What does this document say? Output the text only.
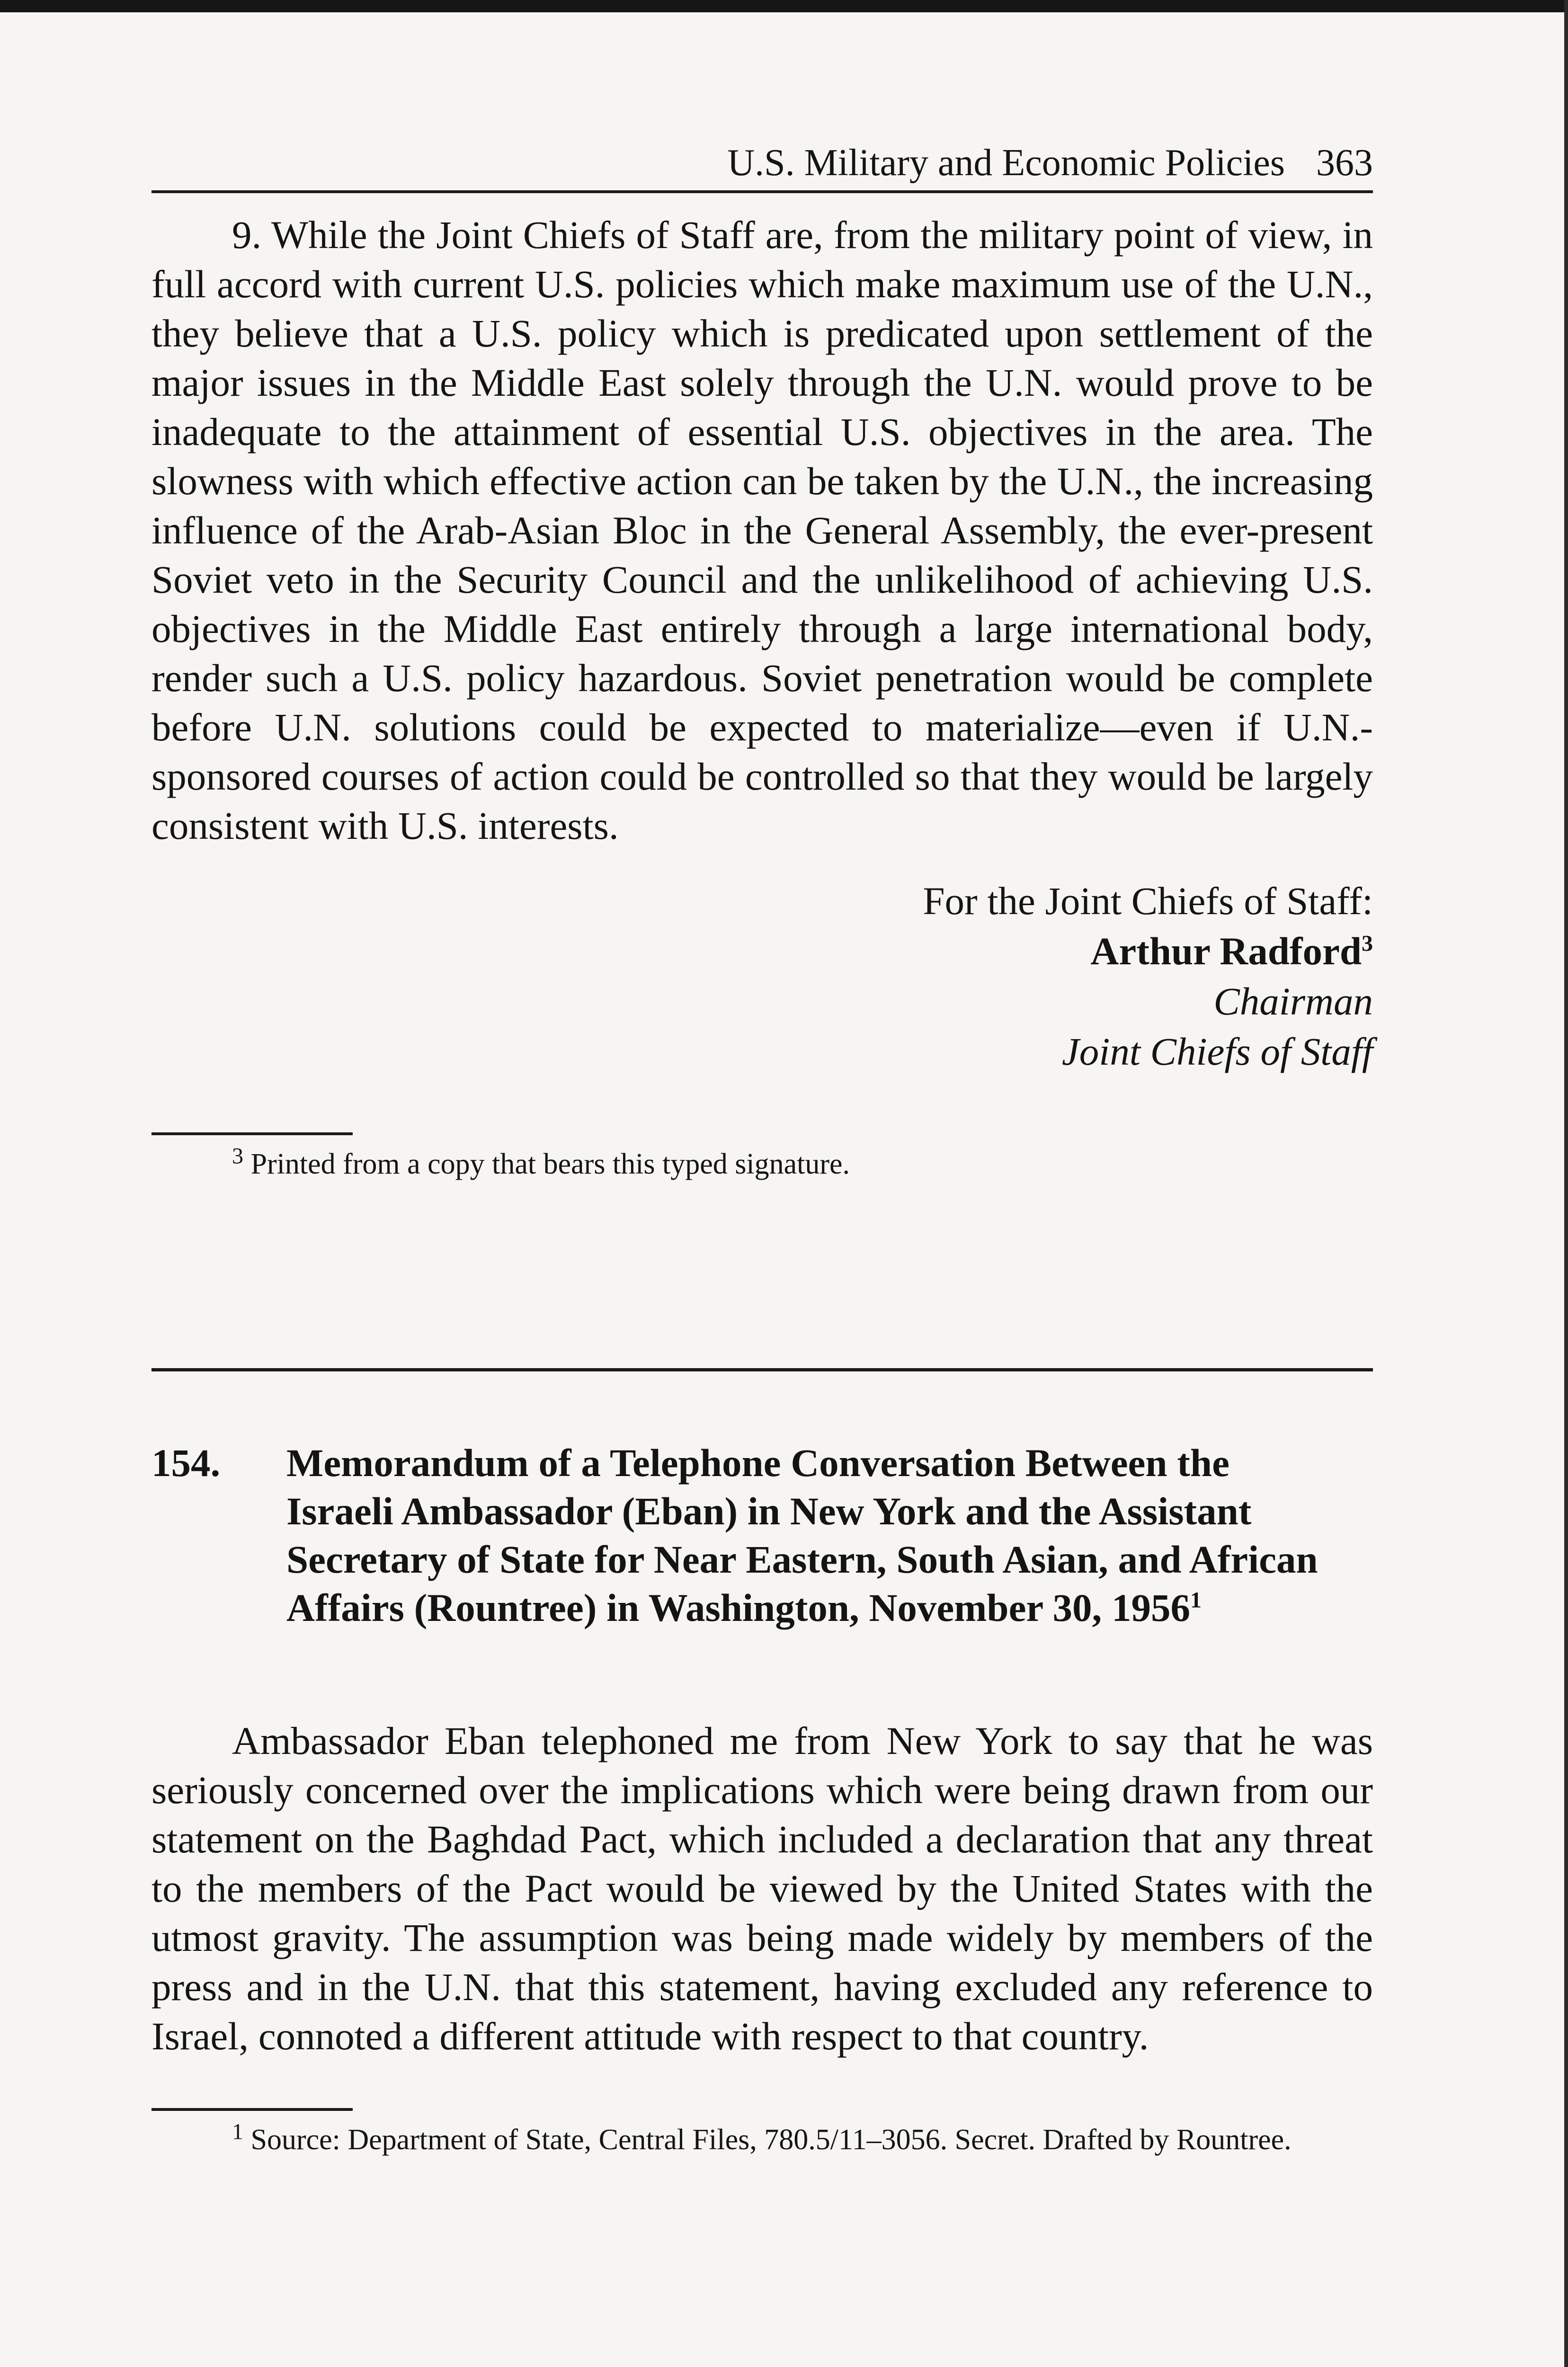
U.S. Military and Economic Policies 363

9. While the Joint Chiefs of Staff are, from the military point of view, in full accord with current U.S. policies which make maximum use of the U.N., they believe that a U.S. policy which is predicated upon settlement of the major issues in the Middle East solely through the U.N. would prove to be inadequate to the attainment of essential U.S. objectives in the area. The slowness with which effective action can be taken by the U.N., the increasing influence of the Arab-Asian Bloc in the General Assembly, the ever-present Soviet veto in the Security Council and the unlikelihood of achieving U.S. objectives in the Middle East entirely through a large international body, render such a U.S. policy hazardous. Soviet penetration would be complete before U.N. solutions could be expected to materialize—even if U.N.-sponsored courses of action could be controlled so that they would be largely consistent with U.S. interests.

For the Joint Chiefs of Staff:
Arthur Radford$^3$
Chairman
Joint Chiefs of Staff
$^3$ Printed from a copy that bears this typed signature.
154.	Memorandum of a Telephone Conversation Between the Israeli Ambassador (Eban) in New York and the Assistant Secretary of State for Near Eastern, South Asian, and African Affairs (Rountree) in Washington, November 30, 1956$^1$

Ambassador Eban telephoned me from New York to say that he was seriously concerned over the implications which were being drawn from our statement on the Baghdad Pact, which included a declaration that any threat to the members of the Pact would be viewed by the United States with the utmost gravity. The assumption was being made widely by members of the press and in the U.N. that this statement, having excluded any reference to Israel, connoted a different attitude with respect to that country.

$^1$ Source: Department of State, Central Files, 780.5/11–3056. Secret. Drafted by Rountree.
